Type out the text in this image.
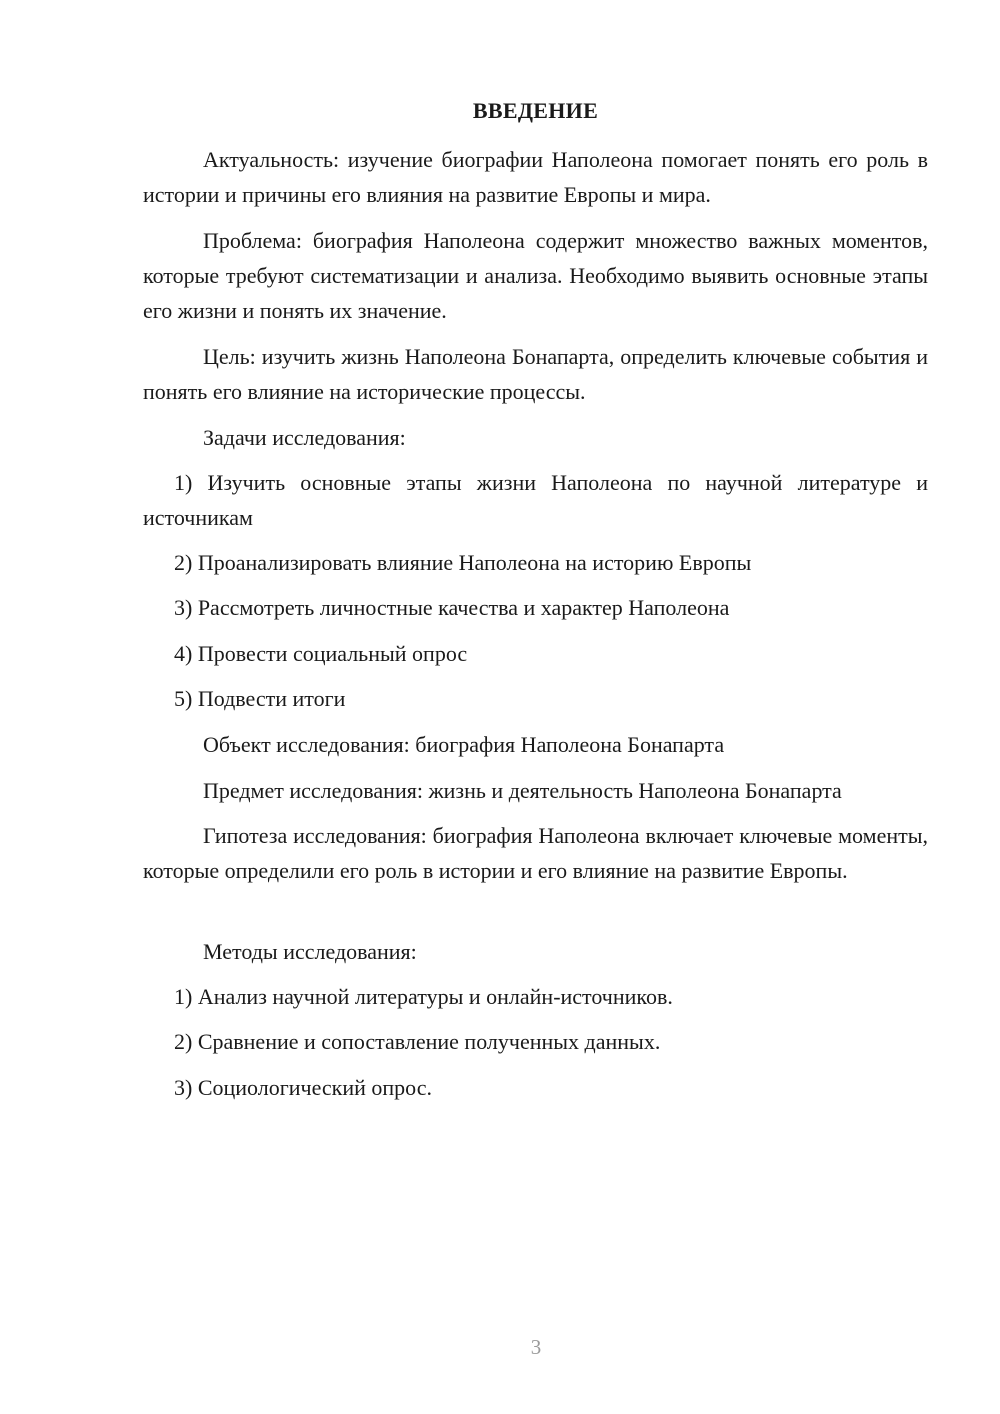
ВВЕДЕНИЕ

Актуальность: изучение биографии Наполеона помогает понять его роль в истории и причины его влияния на развитие Европы и мира.

Проблема: биография Наполеона содержит множество важных моментов, которые требуют систематизации и анализа. Необходимо выявить основные этапы его жизни и понять их значение.

Цель: изучить жизнь Наполеона Бонапарта, определить ключевые события и понять его влияние на исторические процессы.

Задачи исследования:

1) Изучить основные этапы жизни Наполеона по научной литературе и источникам

2) Проанализировать влияние Наполеона на историю Европы

3) Рассмотреть личностные качества и характер Наполеона

4) Провести социальный опрос

5) Подвести итоги

Объект исследования: биография Наполеона Бонапарта

Предмет исследования: жизнь и деятельность Наполеона Бонапарта

Гипотеза исследования: биография Наполеона включает ключевые моменты, которые определили его роль в истории и его влияние на развитие Европы.

Методы исследования:

1) Анализ научной литературы и онлайн-источников.

2) Сравнение и сопоставление полученных данных.

3) Социологический опрос.

3
